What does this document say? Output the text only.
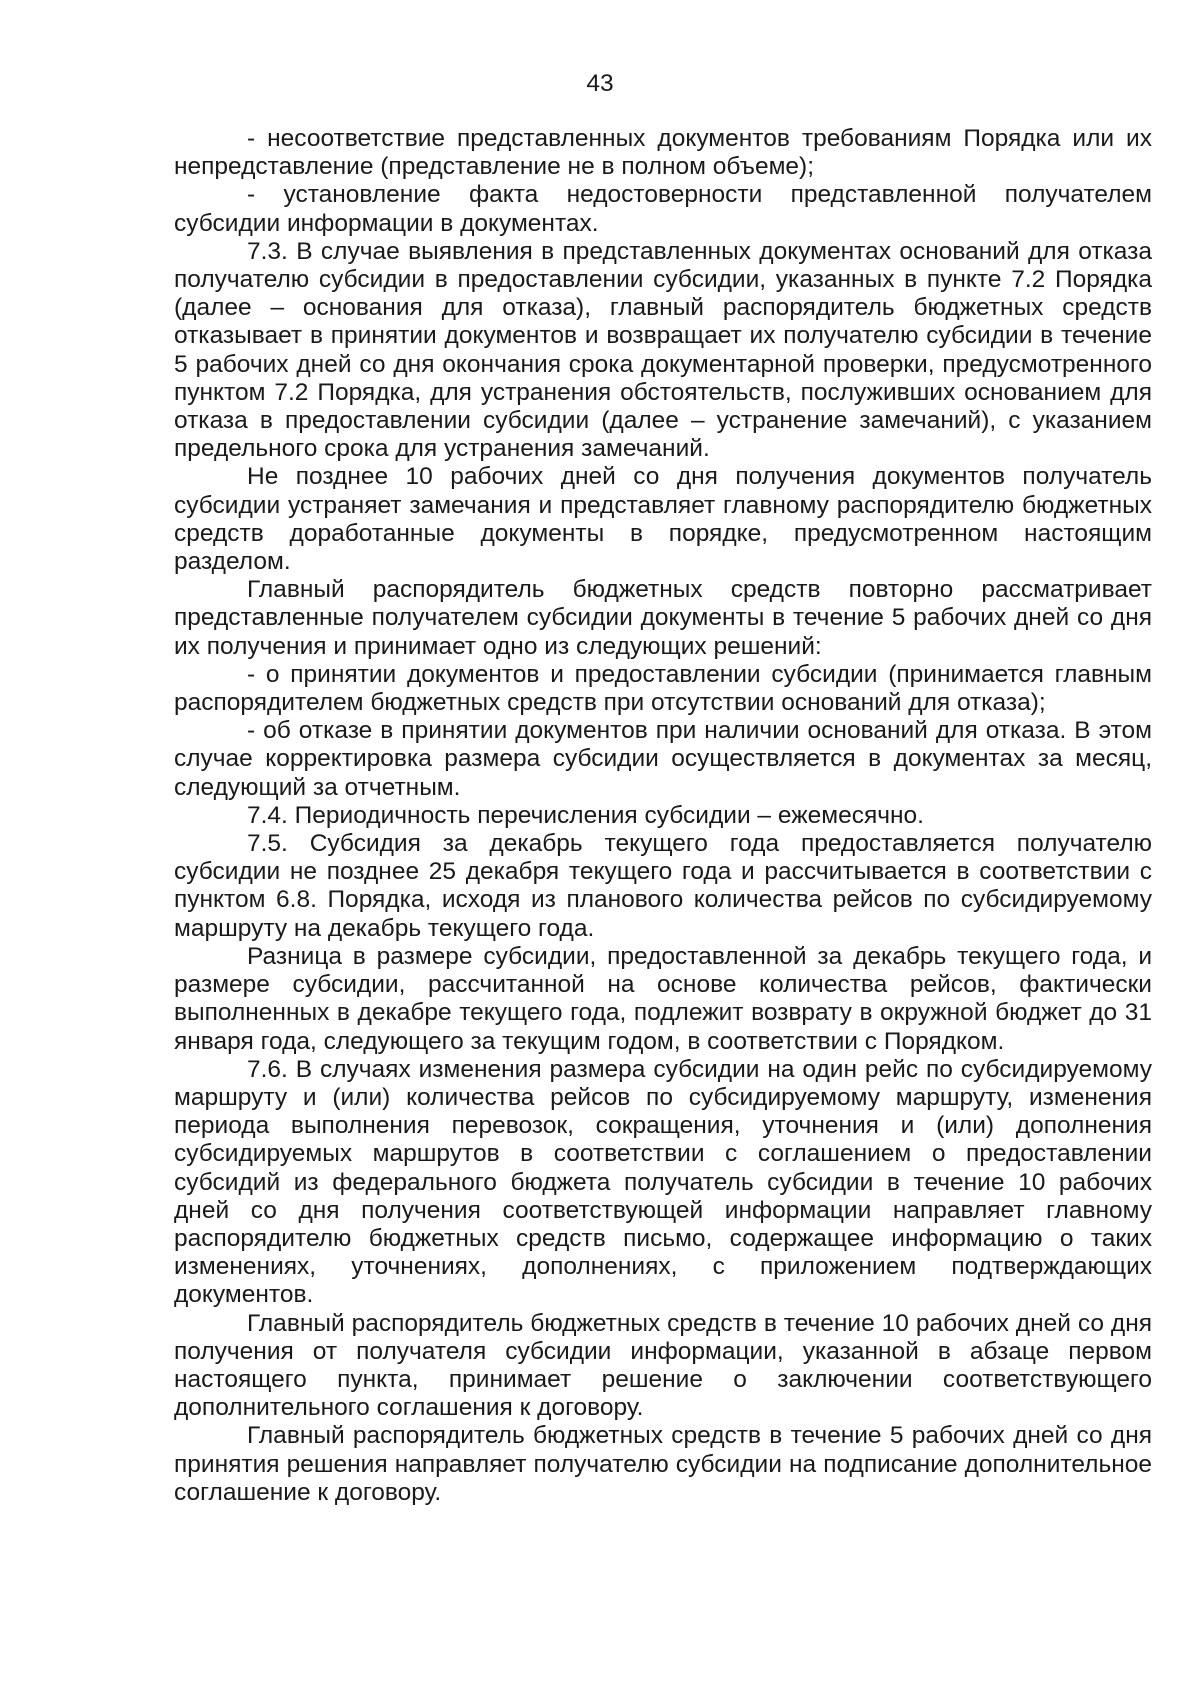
43

- несоответствие представленных документов требованиям Порядка или их непредставление (представление не в полном объеме);

- установление факта недостоверности представленной получателем субсидии информации в документах.

7.3. В случае выявления в представленных документах оснований для отказа получателю субсидии в предоставлении субсидии, указанных в пункте 7.2 Порядка (далее – основания для отказа), главный распорядитель бюджетных средств отказывает в принятии документов и возвращает их получателю субсидии в течение 5 рабочих дней со дня окончания срока документарной проверки, предусмотренного пунктом 7.2 Порядка, для устранения обстоятельств, послуживших основанием для отказа в предоставлении субсидии (далее – устранение замечаний), с указанием предельного срока для устранения замечаний.

Не позднее 10 рабочих дней со дня получения документов получатель субсидии устраняет замечания и представляет главному распорядителю бюджетных средств доработанные документы в порядке, предусмотренном настоящим разделом.

Главный распорядитель бюджетных средств повторно рассматривает представленные получателем субсидии документы в течение 5 рабочих дней со дня их получения и принимает одно из следующих решений:

- о принятии документов и предоставлении субсидии (принимается главным распорядителем бюджетных средств при отсутствии оснований для отказа);

- об отказе в принятии документов при наличии оснований для отказа. В этом случае корректировка размера субсидии осуществляется в документах за месяц, следующий за отчетным.

7.4. Периодичность перечисления субсидии – ежемесячно.

7.5. Субсидия за декабрь текущего года предоставляется получателю субсидии не позднее 25 декабря текущего года и рассчитывается в соответствии с пунктом 6.8. Порядка, исходя из планового количества рейсов по субсидируемому маршруту на декабрь текущего года.

Разница в размере субсидии, предоставленной за декабрь текущего года, и размере субсидии, рассчитанной на основе количества рейсов, фактически выполненных в декабре текущего года, подлежит возврату в окружной бюджет до 31 января года, следующего за текущим годом, в соответствии с Порядком.

7.6. В случаях изменения размера субсидии на один рейс по субсидируемому маршруту и (или) количества рейсов по субсидируемому маршруту, изменения периода выполнения перевозок, сокращения, уточнения и (или) дополнения субсидируемых маршрутов в соответствии с соглашением о предоставлении субсидий из федерального бюджета получатель субсидии в течение 10 рабочих дней со дня получения соответствующей информации направляет главному распорядителю бюджетных средств письмо, содержащее информацию о таких изменениях, уточнениях, дополнениях, с приложением подтверждающих документов.

Главный распорядитель бюджетных средств в течение 10 рабочих дней со дня получения от получателя субсидии информации, указанной в абзаце первом настоящего пункта, принимает решение о заключении соответствующего дополнительного соглашения к договору.

Главный распорядитель бюджетных средств в течение 5 рабочих дней со дня принятия решения направляет получателю субсидии на подписание дополнительное соглашение к договору.
